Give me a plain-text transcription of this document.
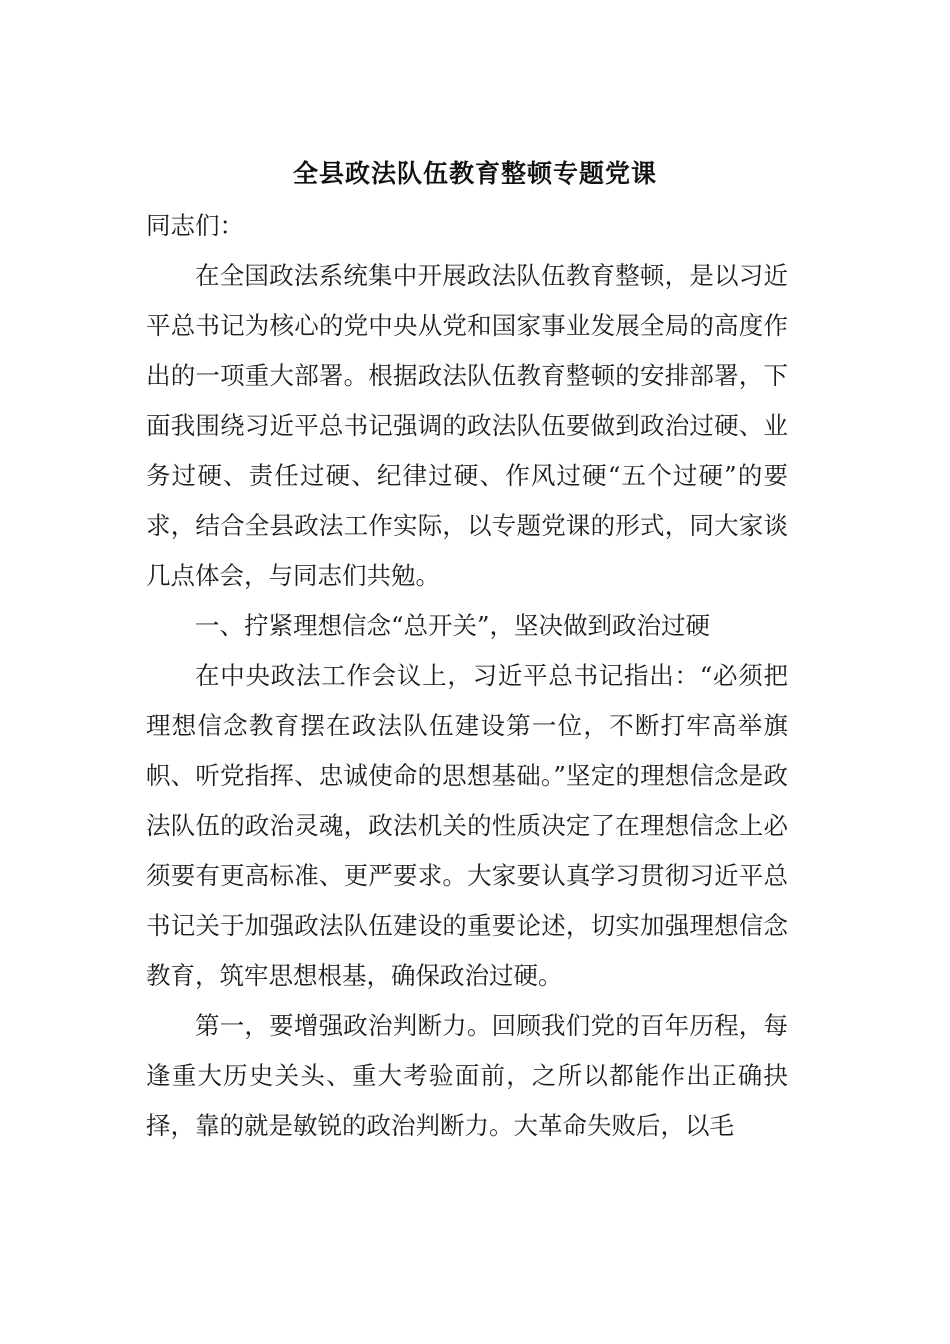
全县政法队伍教育整顿专题党课

同志们：

在全国政法系统集中开展政法队伍教育整顿，是以习近平总书记为核心的党中央从党和国家事业发展全局的高度作出的一项重大部署。根据政法队伍教育整顿的安排部署，下面我围绕习近平总书记强调的政法队伍要做到政治过硬、业务过硬、责任过硬、纪律过硬、作风过硬“五个过硬”的要求，结合全县政法工作实际，以专题党课的形式，同大家谈几点体会，与同志们共勉。

一、拧紧理想信念“总开关”，坚决做到政治过硬

在中央政法工作会议上，习近平总书记指出：“必须把理想信念教育摆在政法队伍建设第一位，不断打牢高举旗帜、听党指挥、忠诚使命的思想基础。”坚定的理想信念是政法队伍的政治灵魂，政法机关的性质决定了在理想信念上必须要有更高标准、更严要求。大家要认真学习贯彻习近平总书记关于加强政法队伍建设的重要论述，切实加强理想信念教育，筑牢思想根基，确保政治过硬。

第一，要增强政治判断力。回顾我们党的百年历程，每逢重大历史关头、重大考验面前，之所以都能作出正确抉择，靠的就是敏锐的政治判断力。大革命失败后，以毛
